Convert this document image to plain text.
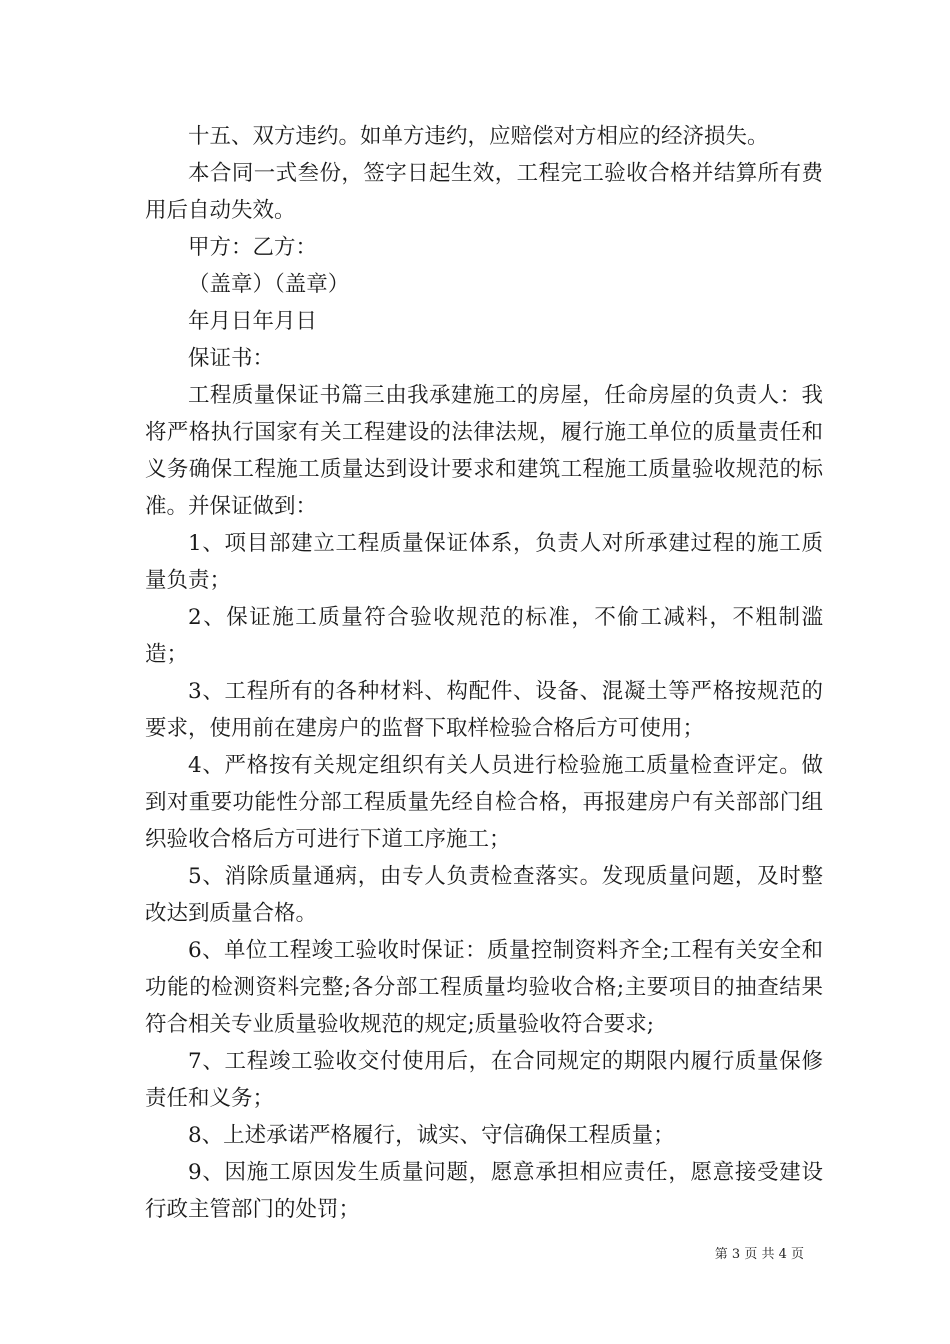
十五、双方违约。如单方违约，应赔偿对方相应的经济损失。

本合同一式叁份，签字日起生效，工程完工验收合格并结算所有费用后自动失效。

甲方：乙方：

（盖章）（盖章）

年月日年月日

保证书：

工程质量保证书篇三由我承建施工的房屋，任命房屋的负责人：我将严格执行国家有关工程建设的法律法规，履行施工单位的质量责任和义务确保工程施工质量达到设计要求和建筑工程施工质量验收规范的标准。并保证做到：

1、项目部建立工程质量保证体系，负责人对所承建过程的施工质量负责；

2、保证施工质量符合验收规范的标准，不偷工减料，不粗制滥造；

3、工程所有的各种材料、构配件、设备、混凝土等严格按规范的要求，使用前在建房户的监督下取样检验合格后方可使用；

4、严格按有关规定组织有关人员进行检验施工质量检查评定。做到对重要功能性分部工程质量先经自检合格，再报建房户有关部部门组织验收合格后方可进行下道工序施工；

5、消除质量通病，由专人负责检查落实。发现质量问题，及时整改达到质量合格。

6、单位工程竣工验收时保证：质量控制资料齐全;工程有关安全和功能的检测资料完整;各分部工程质量均验收合格;主要项目的抽查结果符合相关专业质量验收规范的规定;质量验收符合要求;

7、工程竣工验收交付使用后，在合同规定的期限内履行质量保修责任和义务；

8、上述承诺严格履行，诚实、守信确保工程质量；

9、因施工原因发生质量问题，愿意承担相应责任，愿意接受建设行政主管部门的处罚；

第 3 页 共 4 页
